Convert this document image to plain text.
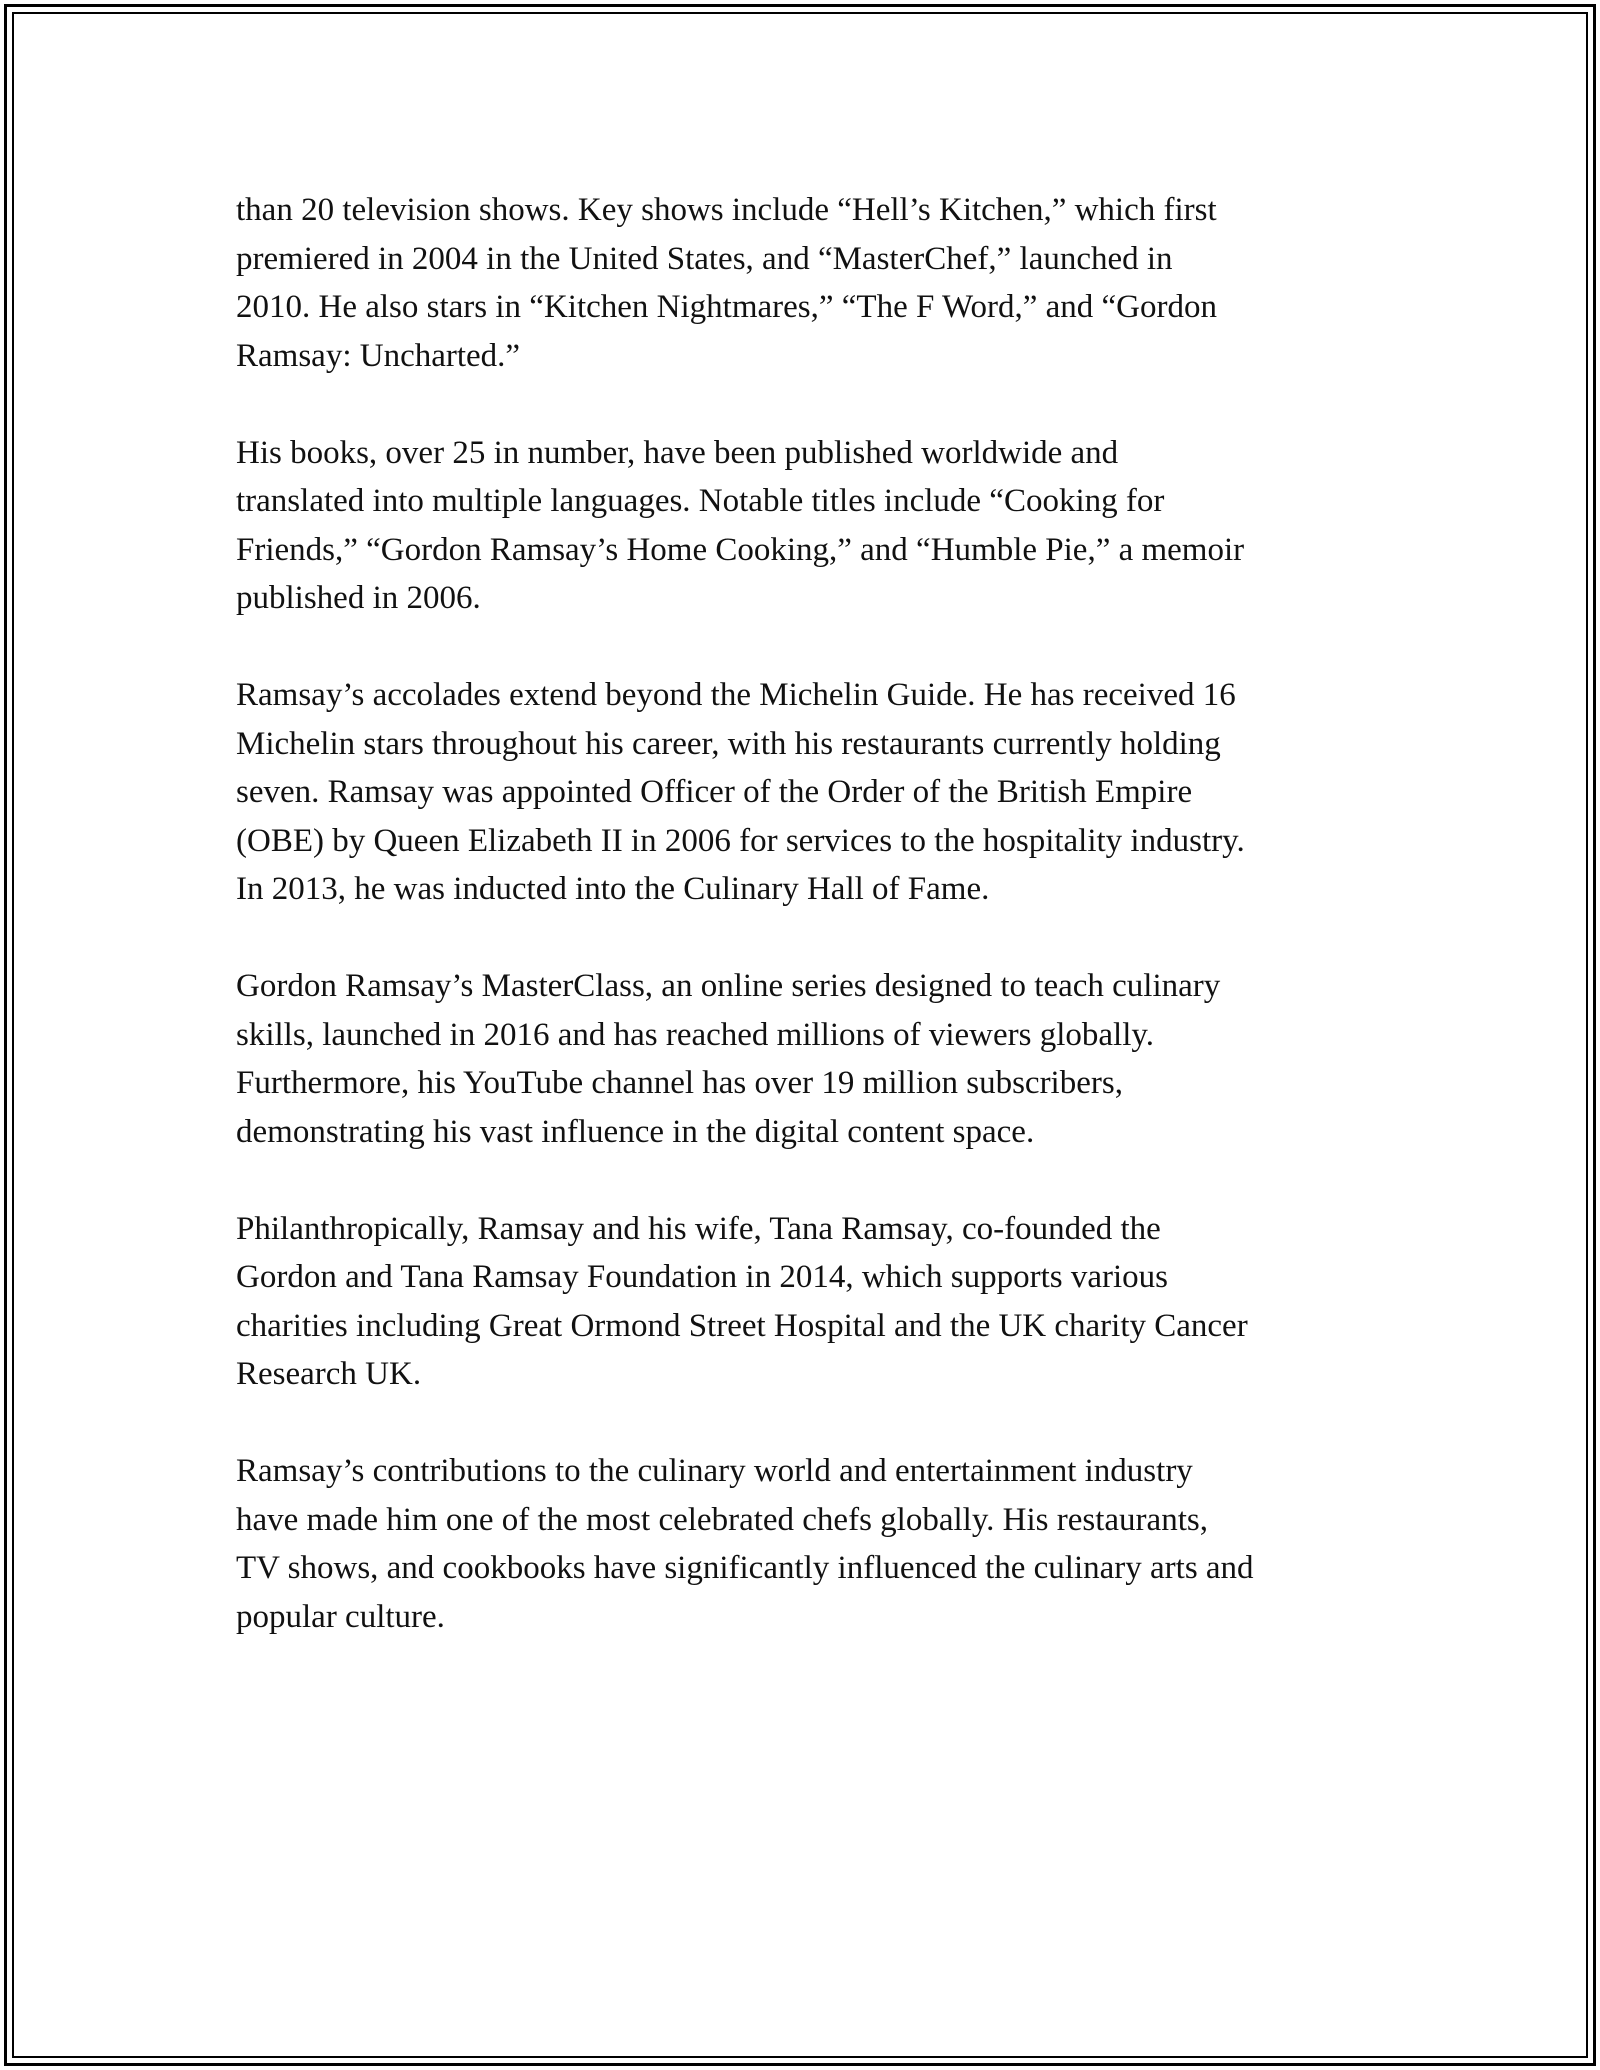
than 20 television shows. Key shows include “Hell’s Kitchen,” which first
premiered in 2004 in the United States, and “MasterChef,” launched in
2010. He also stars in “Kitchen Nightmares,” “The F Word,” and “Gordon
Ramsay: Uncharted.”

His books, over 25 in number, have been published worldwide and
translated into multiple languages. Notable titles include “Cooking for
Friends,” “Gordon Ramsay’s Home Cooking,” and “Humble Pie,” a memoir
published in 2006.

Ramsay’s accolades extend beyond the Michelin Guide. He has received 16
Michelin stars throughout his career, with his restaurants currently holding
seven. Ramsay was appointed Officer of the Order of the British Empire
(OBE) by Queen Elizabeth II in 2006 for services to the hospitality industry.
In 2013, he was inducted into the Culinary Hall of Fame.

Gordon Ramsay’s MasterClass, an online series designed to teach culinary
skills, launched in 2016 and has reached millions of viewers globally.
Furthermore, his YouTube channel has over 19 million subscribers,
demonstrating his vast influence in the digital content space.

Philanthropically, Ramsay and his wife, Tana Ramsay, co-founded the
Gordon and Tana Ramsay Foundation in 2014, which supports various
charities including Great Ormond Street Hospital and the UK charity Cancer
Research UK.

Ramsay’s contributions to the culinary world and entertainment industry
have made him one of the most celebrated chefs globally. His restaurants,
TV shows, and cookbooks have significantly influenced the culinary arts and
popular culture.
